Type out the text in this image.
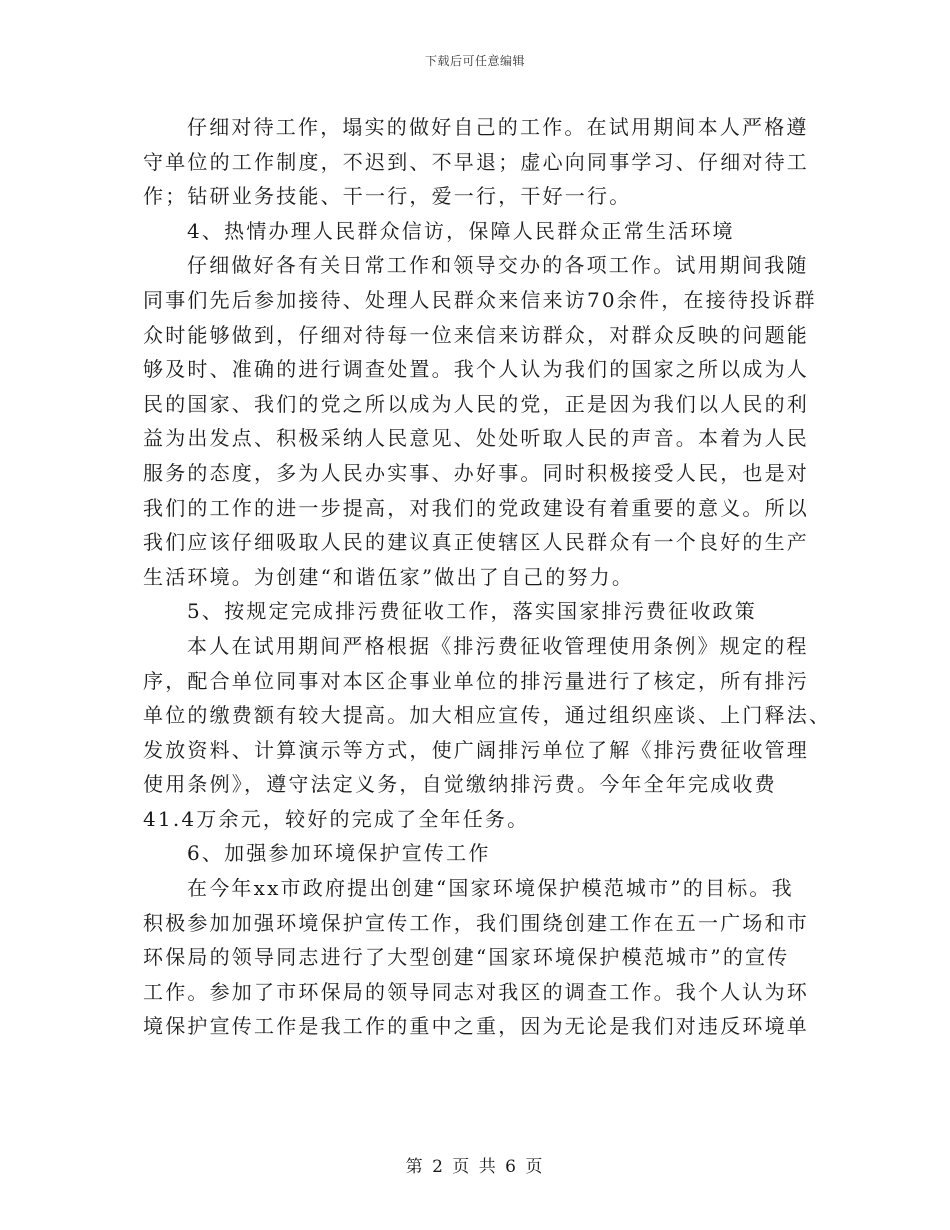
下载后可任意编辑
仔细对待工作，塌实的做好自己的工作。在试用期间本人严格遵
守单位的工作制度，不迟到、不早退；虚心向同事学习、仔细对待工
作；钻研业务技能、干一行，爱一行，干好一行。
4、热情办理人民群众信访，保障人民群众正常生活环境
仔细做好各有关日常工作和领导交办的各项工作。试用期间我随
同事们先后参加接待、处理人民群众来信来访70余件，在接待投诉群
众时能够做到，仔细对待每一位来信来访群众，对群众反映的问题能
够及时、准确的进行调查处置。我个人认为我们的国家之所以成为人
民的国家、我们的党之所以成为人民的党，正是因为我们以人民的利
益为出发点、积极采纳人民意见、处处听取人民的声音。本着为人民
服务的态度，多为人民办实事、办好事。同时积极接受人民，也是对
我们的工作的进一步提高，对我们的党政建设有着重要的意义。所以
我们应该仔细吸取人民的建议真正使辖区人民群众有一个良好的生产
生活环境。为创建“和谐伍家”做出了自己的努力。
5、按规定完成排污费征收工作，落实国家排污费征收政策
本人在试用期间严格根据《排污费征收管理使用条例》规定的程
序，配合单位同事对本区企事业单位的排污量进行了核定，所有排污
单位的缴费额有较大提高。加大相应宣传，通过组织座谈、上门释法、
发放资料、计算演示等方式，使广阔排污单位了解《排污费征收管理
使用条例》，遵守法定义务，自觉缴纳排污费。今年全年完成收费
41.4万余元，较好的完成了全年任务。
6、加强参加环境保护宣传工作
在今年xx市政府提出创建“国家环境保护模范城市”的目标。我
积极参加加强环境保护宣传工作，我们围绕创建工作在五一广场和市
环保局的领导同志进行了大型创建“国家环境保护模范城市”的宣传
工作。参加了市环保局的领导同志对我区的调查工作。我个人认为环
境保护宣传工作是我工作的重中之重，因为无论是我们对违反环境单
第 2 页 共 6 页
